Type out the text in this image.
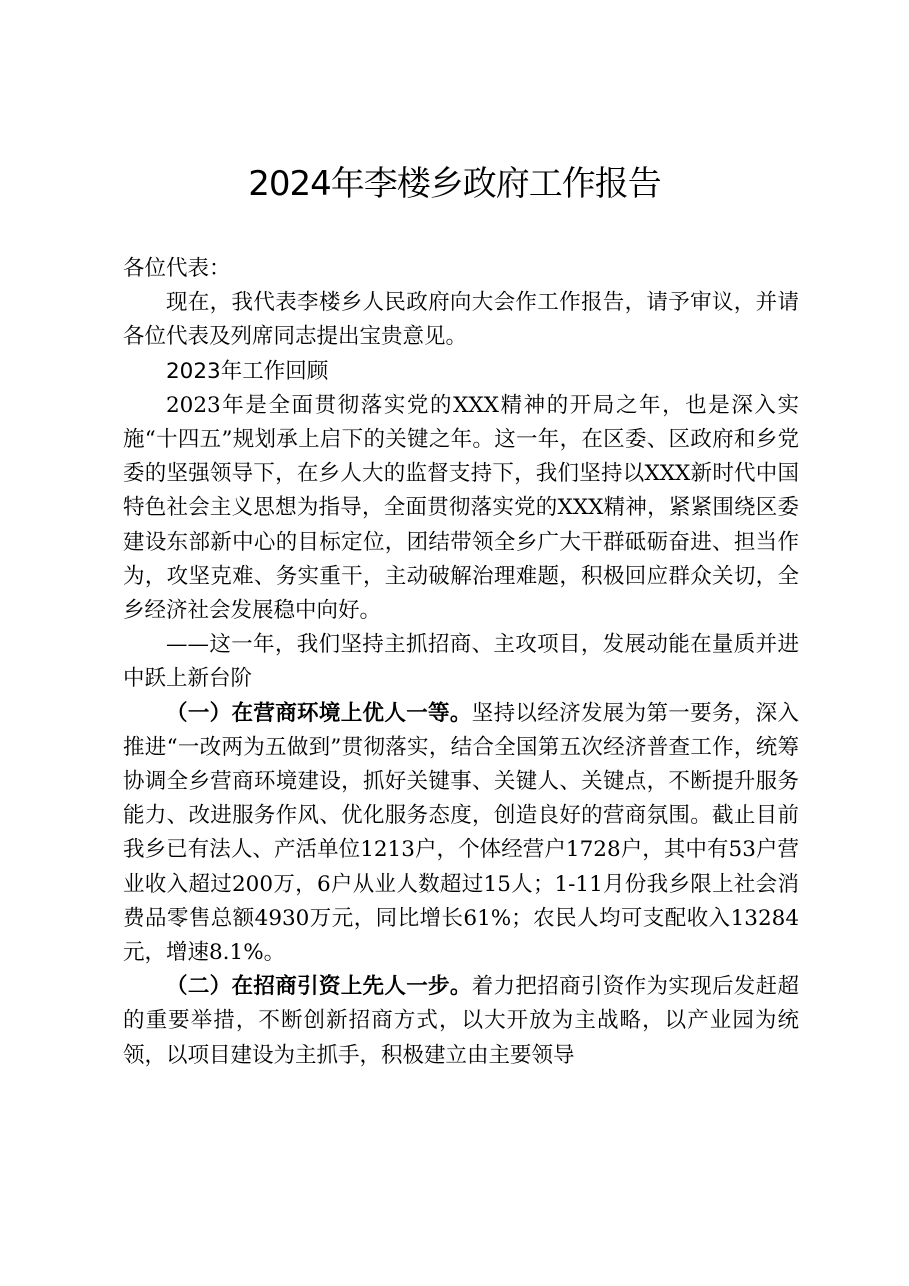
2024年李楼乡政府工作报告

各位代表：

现在，我代表李楼乡人民政府向大会作工作报告，请予审议，并请各位代表及列席同志提出宝贵意见。

2023年工作回顾

2023年是全面贯彻落实党的XXX精神的开局之年，也是深入实施“十四五”规划承上启下的关键之年。这一年，在区委、区政府和乡党委的坚强领导下，在乡人大的监督支持下，我们坚持以XXX新时代中国特色社会主义思想为指导，全面贯彻落实党的XXX精神，紧紧围绕区委建设东部新中心的目标定位，团结带领全乡广大干群砥砺奋进、担当作为，攻坚克难、务实重干，主动破解治理难题，积极回应群众关切，全乡经济社会发展稳中向好。

——这一年，我们坚持主抓招商、主攻项目，发展动能在量质并进中跃上新台阶

（一）在营商环境上优人一等。坚持以经济发展为第一要务，深入推进“一改两为五做到”贯彻落实，结合全国第五次经济普查工作，统筹协调全乡营商环境建设，抓好关键事、关键人、关键点，不断提升服务能力、改进服务作风、优化服务态度，创造良好的营商氛围。截止目前我乡已有法人、产活单位1213户，个体经营户1728户，其中有53户营业收入超过200万，6户从业人数超过15人；1-11月份我乡限上社会消费品零售总额4930万元，同比增长61%；农民人均可支配收入13284元，增速8.1%。

（二）在招商引资上先人一步。着力把招商引资作为实现后发赶超的重要举措，不断创新招商方式，以大开放为主战略，以产业园为统领，以项目建设为主抓手，积极建立由主要领导
